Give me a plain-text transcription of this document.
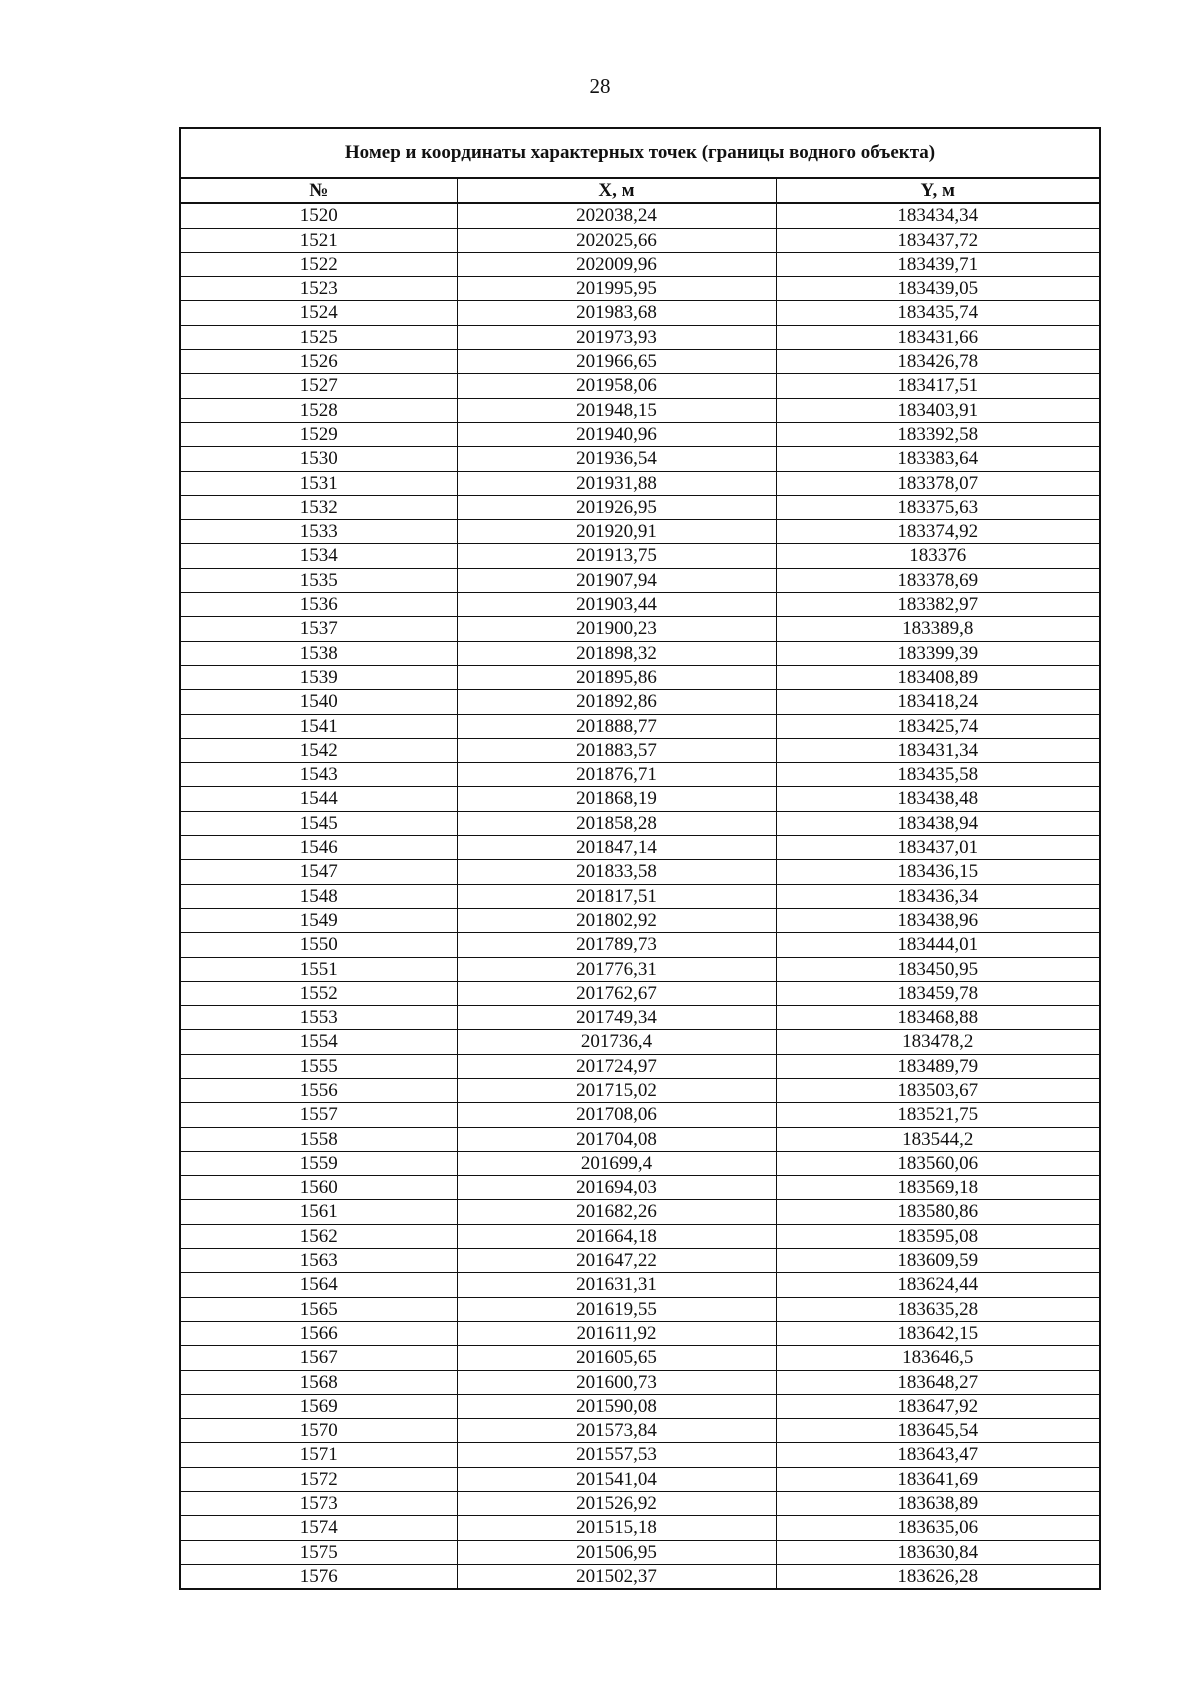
28
Номер и координаты характерных точек (границы водного объекта)		
№	X, м	Y, м
1520	202038,24	183434,34
1521	202025,66	183437,72
1522	202009,96	183439,71
1523	201995,95	183439,05
1524	201983,68	183435,74
1525	201973,93	183431,66
1526	201966,65	183426,78
1527	201958,06	183417,51
1528	201948,15	183403,91
1529	201940,96	183392,58
1530	201936,54	183383,64
1531	201931,88	183378,07
1532	201926,95	183375,63
1533	201920,91	183374,92
1534	201913,75	183376
1535	201907,94	183378,69
1536	201903,44	183382,97
1537	201900,23	183389,8
1538	201898,32	183399,39
1539	201895,86	183408,89
1540	201892,86	183418,24
1541	201888,77	183425,74
1542	201883,57	183431,34
1543	201876,71	183435,58
1544	201868,19	183438,48
1545	201858,28	183438,94
1546	201847,14	183437,01
1547	201833,58	183436,15
1548	201817,51	183436,34
1549	201802,92	183438,96
1550	201789,73	183444,01
1551	201776,31	183450,95
1552	201762,67	183459,78
1553	201749,34	183468,88
1554	201736,4	183478,2
1555	201724,97	183489,79
1556	201715,02	183503,67
1557	201708,06	183521,75
1558	201704,08	183544,2
1559	201699,4	183560,06
1560	201694,03	183569,18
1561	201682,26	183580,86
1562	201664,18	183595,08
1563	201647,22	183609,59
1564	201631,31	183624,44
1565	201619,55	183635,28
1566	201611,92	183642,15
1567	201605,65	183646,5
1568	201600,73	183648,27
1569	201590,08	183647,92
1570	201573,84	183645,54
1571	201557,53	183643,47
1572	201541,04	183641,69
1573	201526,92	183638,89
1574	201515,18	183635,06
1575	201506,95	183630,84
1576	201502,37	183626,28
